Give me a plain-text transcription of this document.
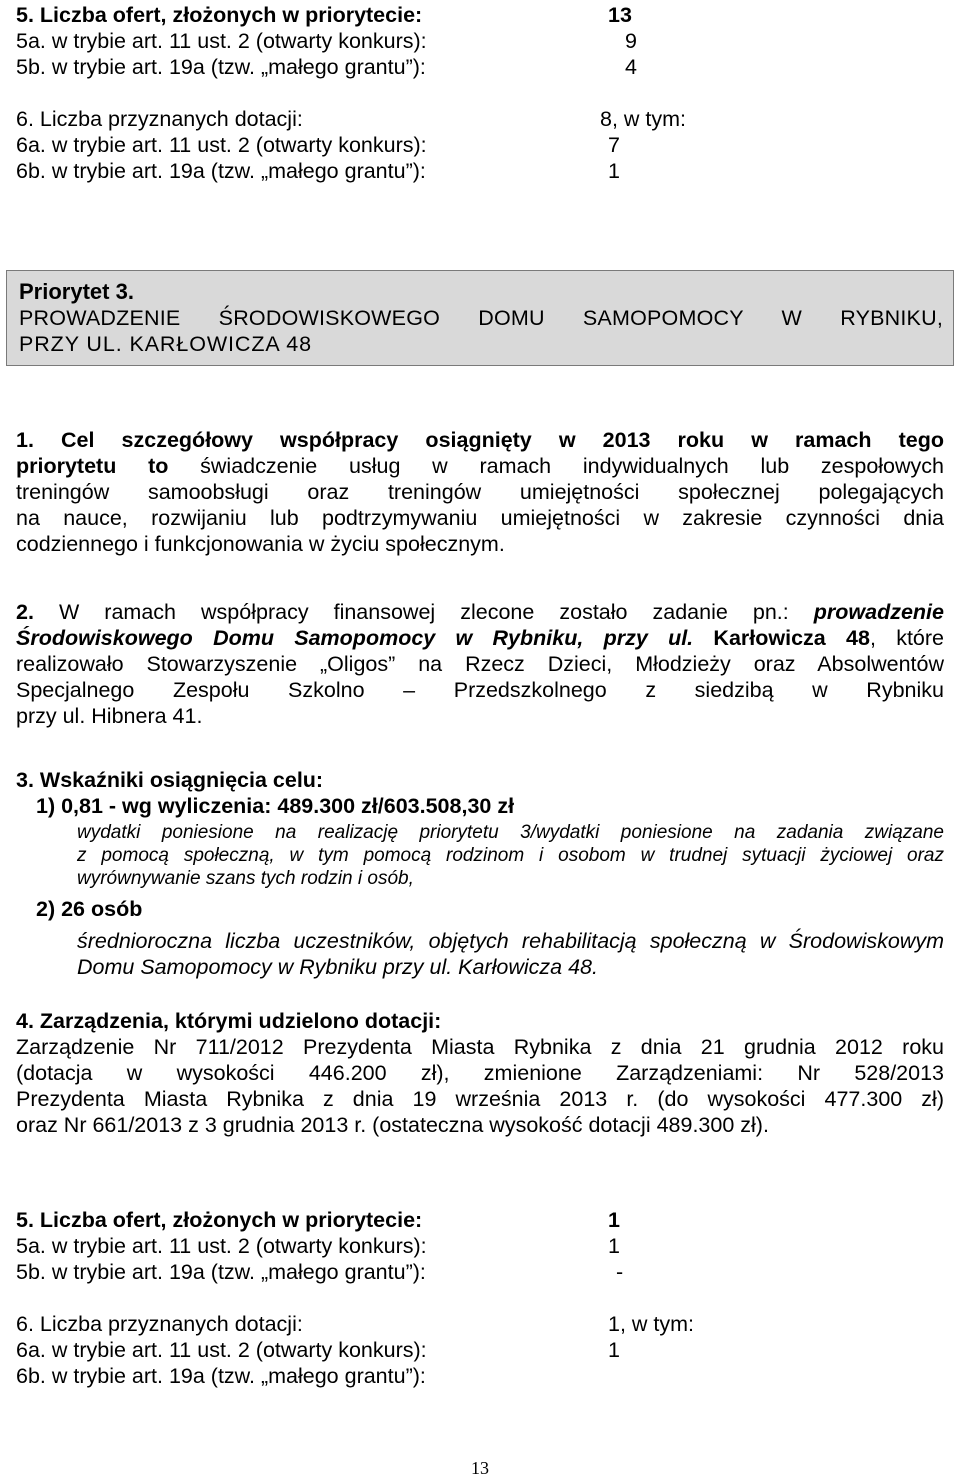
5. Liczba ofert, złożonych w priorytecie:	13
5a. w trybie art. 11 ust. 2 (otwarty konkurs):	9
5b. w trybie art. 19a (tzw. „małego grantu”):	4
6. Liczba przyznanych dotacji:	8, w tym:
6a. w trybie art. 11 ust. 2 (otwarty konkurs):	7
6b. w trybie art. 19a (tzw. „małego grantu”):	1
Priorytet 3.
PROWADZENIE ŚRODOWISKOWEGO DOMU SAMOPOMOCY W RYBNIKU,
PRZY UL. KARŁOWICZA 48
1. Cel szczegółowy współpracy osiągnięty w 2013 roku w ramach tego
priorytetu to świadczenie usług w ramach indywidualnych lub zespołowych
treningów samoobsługi oraz treningów umiejętności społecznej polegających
na nauce, rozwijaniu lub podtrzymywaniu umiejętności w zakresie czynności dnia
codziennego i funkcjonowania w życiu społecznym.
2. W ramach współpracy finansowej zlecone zostało zadanie pn.: prowadzenie
Środowiskowego Domu Samopomocy w Rybniku, przy ul. Karłowicza 48, które
realizowało Stowarzyszenie „Oligos” na Rzecz Dzieci, Młodzieży oraz Absolwentów
Specjalnego Zespołu Szkolno – Przedszkolnego z siedzibą w Rybniku
przy ul. Hibnera 41.
3. Wskaźniki osiągnięcia celu:
1) 0,81 - wg wyliczenia: 489.300 zł/603.508,30 zł
wydatki poniesione na realizację priorytetu 3/wydatki poniesione na zadania związane
z pomocą społeczną, w tym pomocą rodzinom i osobom w trudnej sytuacji życiowej oraz
wyrównywanie szans tych rodzin i osób,
2) 26 osób
średnioroczna liczba uczestników, objętych rehabilitacją społeczną w Środowiskowym
Domu Samopomocy w Rybniku przy ul. Karłowicza 48.
4. Zarządzenia, którymi udzielono dotacji:
Zarządzenie Nr 711/2012 Prezydenta Miasta Rybnika z dnia 21 grudnia 2012 roku
(dotacja w wysokości 446.200 zł), zmienione Zarządzeniami: Nr 528/2013
Prezydenta Miasta Rybnika z dnia 19 września 2013 r. (do wysokości 477.300 zł)
oraz Nr 661/2013 z 3 grudnia 2013 r. (ostateczna wysokość dotacji 489.300 zł).
5. Liczba ofert, złożonych w priorytecie:	1
5a. w trybie art. 11 ust. 2 (otwarty konkurs):	1
5b. w trybie art. 19a (tzw. „małego grantu”):	-
6. Liczba przyznanych dotacji:	1, w tym:
6a. w trybie art. 11 ust. 2 (otwarty konkurs):	1
6b. w trybie art. 19a (tzw. „małego grantu”):
13
